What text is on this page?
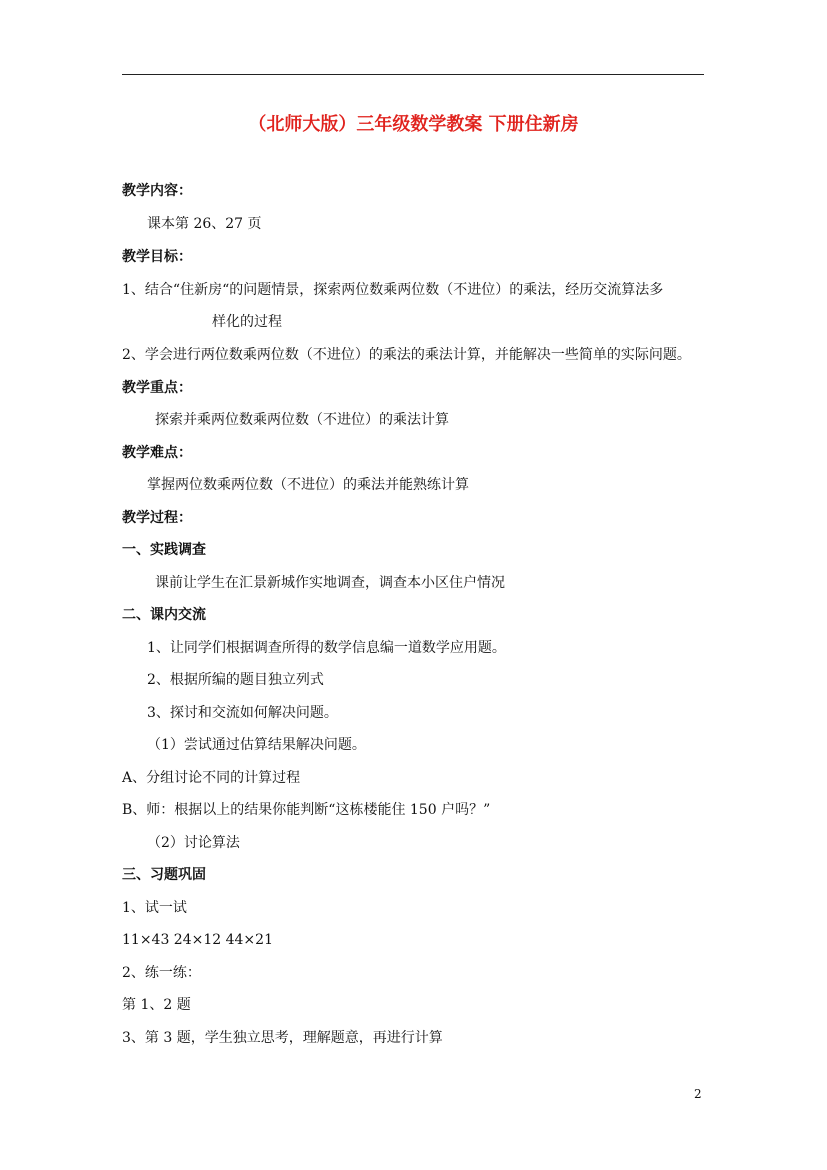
（北师大版）三年级数学教案 下册住新房
教学内容：
课本第 26、27 页
教学目标：
1、结合“住新房“的问题情景，探索两位数乘两位数（不进位）的乘法，经历交流算法多
样化的过程
2、学会进行两位数乘两位数（不进位）的乘法的乘法计算，并能解决一些简单的实际问题。
教学重点：
探索并乘两位数乘两位数（不进位）的乘法计算
教学难点：
掌握两位数乘两位数（不进位）的乘法并能熟练计算
教学过程：
一、实践调查
课前让学生在汇景新城作实地调查，调查本小区住户情况
二、课内交流
1、让同学们根据调查所得的数学信息编一道数学应用题。
2、根据所编的题目独立列式
3、探讨和交流如何解决问题。
（1）尝试通过估算结果解决问题。
A、分组讨论不同的计算过程
B、师：根据以上的结果你能判断“这栋楼能住 150 户吗？”
（2）讨论算法
三、习题巩固
1、试一试
11×43 24×12 44×21
2、练一练：
第 1、2 题
3、第 3 题，学生独立思考，理解题意，再进行计算
2
